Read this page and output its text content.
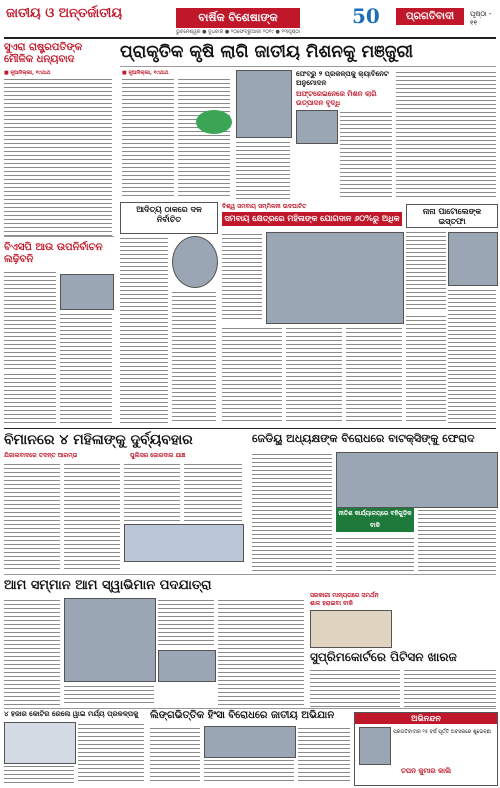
ଜାତୀୟ ଓ ଅନ୍ତର୍ଜାତୀୟ	ବାର୍ଷିକ ବିଶେଷାଙ୍କ
ଭୁବନେଶ୍ୱର ● ବୁଧବାର ● ୨୦ଫେବ୍ରୁଆରୀ ୨୦୧୯ ● ୧୩ପୃଷ୍ଠା
50	ପ୍ରଗତିବାଦୀ	ପୃଷ୍ଠା - ୧୧
ସୁଏରା ରାଷ୍ଟ୍ରପତିଙ୍କ ମୌଳିକ ଧନ୍ୟବାଦ
■ ନୂଆଦିଲ୍ଲୀ, ୧୯ାଥାଥ
ପ୍ରାକୃତିକ କୃଷି ଲାଗି ଜାତୀୟ ମିଶନକୁ ମଞ୍ଜୁରୀ
■ ନୂଆଦିଲ୍ଲୀ, ୧୯ାଥାଥ	ଫେବ୍ରୁ ୨ ପ୍ରକଳ୍ପକୁ କ୍ୟାବିନେଟ ଅନୁମୋଦନ
ଅଫ୍ଟରେଇନେରେ ମିଶନ ଲାଗି ଉତ୍ପାଦନ ବୃଦ୍ଧି
ବିଏସପି ଆଉ ଉପନିର୍ବାଚନ ଲଢ଼ିବନି
ଆଦିତ୍ୟ ଠାକରେ ଦଳ ନିର୍ବାଚିତ
ବିଶ୍ୱ ସମବାୟ ସମ୍ମିଳନୀ ଉଦଘାଟିତ
ସମବାୟ କ୍ଷେତ୍ରରେ ମହିଳାଙ୍କ ଯୋଗଦାନ ୬୦%ରୁ ଅଧିକ
ନାନା ପାଟୋଲେଙ୍କ ଇସ୍ତଫା
ବିମାନରେ ୪ ମହିଳାଙ୍କୁ ଦୁର୍ବ୍ୟବହାର
ଯିଜାଲବାଦରେ ତଦନ୍ତ ଆରମ୍ଭ	ପୁଲିସର ଜୋରଦାର ଯାଞ୍ଚ
ଜେଡିୟୁ ଅଧ୍ୟକ୍ଷଙ୍କ ବିରୋଧରେ ବାଟକ୍ସିଙ୍କୁ ଫେରାଦ
ନୀତିଶ କାର୍ଯ୍ୟାଳୟରେ ବହିଗୁଡ଼ିକ ବାକି
ଆମ ସମ୍ମାନ ଆମ ସ୍ୱାଭିମାନ ପଦଯାତ୍ରା
ସରକାରୀ ମାନ୍ୟତାରେ ସମର୍ଥନ ଶାଳ ହରାଇବା ବାକି
ସୁପ୍ରିମକୋର୍ଟରେ ପିଟିସନ ଖାରଜ
୪ ହଜାର କୋଟିର ରେଲେ ୱାଇ ମର୍ଯ୍ୟ ପ୍ରକଳ୍ପକୁ	ଲିଙ୍ଗଭିତ୍ତିକ ହିଂସା ବିରୋଧରେ ଜାତୀୟ ଅଭିଯାନ	ଅଭିନନ୍ଦନ
ପ୍ରଗତିବାଦୀର ୨୫ ବର୍ଷ ପୂର୍ତ୍ତି ଅବସରରେ ଶୁଭେଚ୍ଛା
ତପନ କୁମାର କାଲି
